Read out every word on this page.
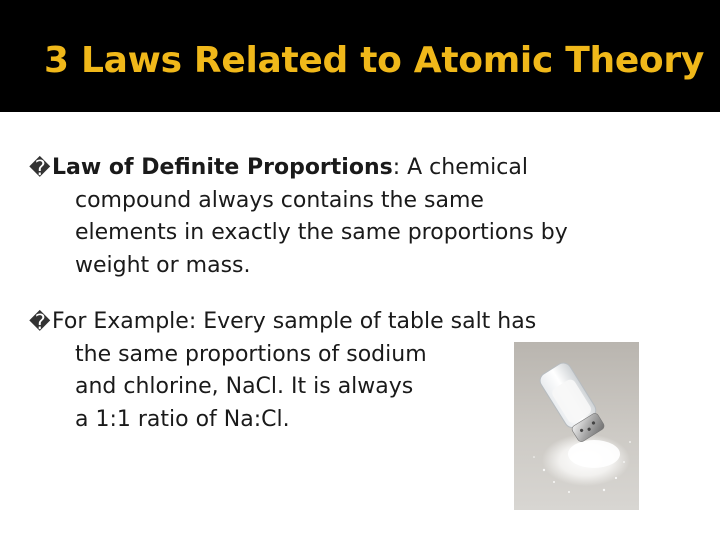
3 Laws Related to Atomic Theory
� Law of Definite Proportions: A chemical
compound always contains the same
elements in exactly the same proportions by
weight or mass.
� For Example: Every sample of table salt has
the same proportions of sodium
and chlorine, NaCl. It is always
a 1:1 ratio of Na:Cl.
